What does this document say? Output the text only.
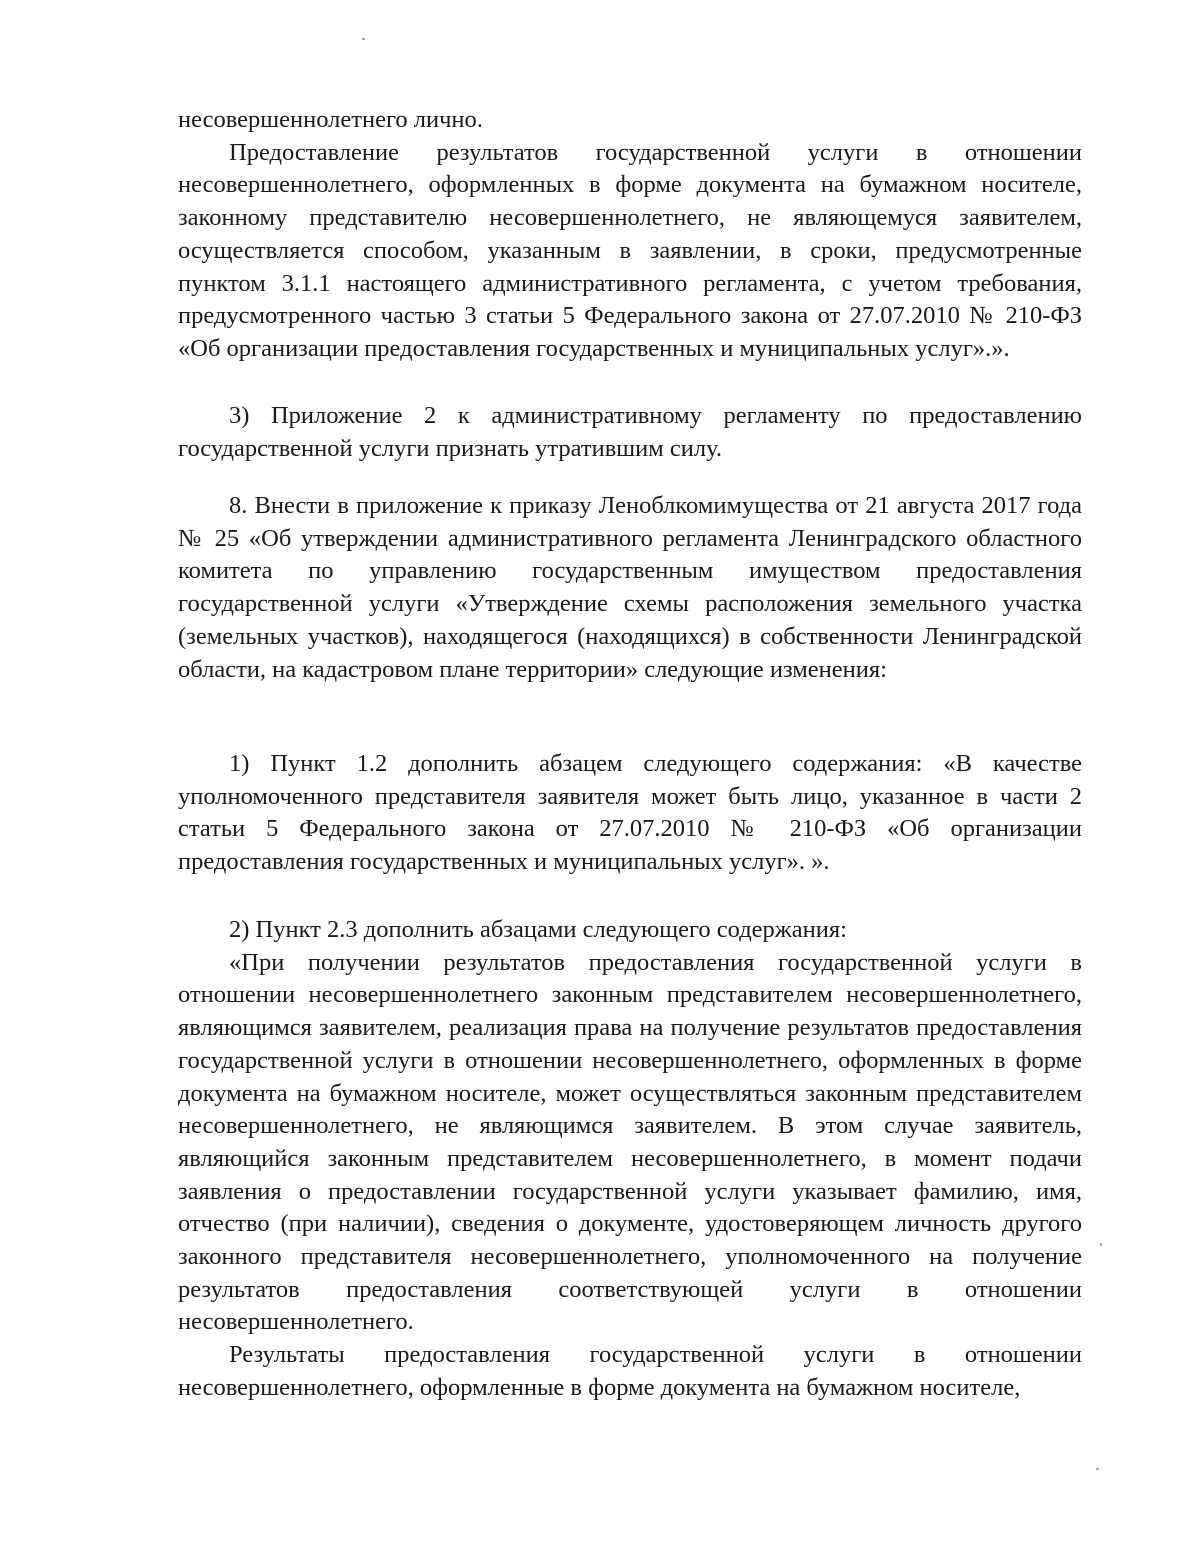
несовершеннолетнего лично.

Предоставление результатов государственной услуги в отношении несовершеннолетнего, оформленных в форме документа на бумажном носителе, законному представителю несовершеннолетнего, не являющемуся заявителем, осуществляется способом, указанным в заявлении, в сроки, предусмотренные пунктом 3.1.1 настоящего административного регламента, с учетом требования, предусмотренного частью 3 статьи 5 Федерального закона от 27.07.2010 № 210-ФЗ «Об организации предоставления государственных и муниципальных услуг».».

3) Приложение 2 к административному регламенту по предоставлению государственной услуги признать утратившим силу.

8. Внести в приложение к приказу Леноблкомимущества от 21 августа 2017 года № 25 «Об утверждении административного регламента Ленинградского областного комитета по управлению государственным имуществом предоставления государственной услуги «Утверждение схемы расположения земельного участка (земельных участков), находящегося (находящихся) в собственности Ленинградской области, на кадастровом плане территории» следующие изменения:

1) Пункт 1.2 дополнить абзацем следующего содержания: «В качестве уполномоченного представителя заявителя может быть лицо, указанное в части 2 статьи 5 Федерального закона от 27.07.2010 № 210-ФЗ «Об организации предоставления государственных и муниципальных услуг». ».

2) Пункт 2.3 дополнить абзацами следующего содержания:

«При получении результатов предоставления государственной услуги в отношении несовершеннолетнего законным представителем несовершеннолетнего, являющимся заявителем, реализация права на получение результатов предоставления государственной услуги в отношении несовершеннолетнего, оформленных в форме документа на бумажном носителе, может осуществляться законным представителем несовершеннолетнего, не являющимся заявителем. В этом случае заявитель, являющийся законным представителем несовершеннолетнего, в момент подачи заявления о предоставлении государственной услуги указывает фамилию, имя, отчество (при наличии), сведения о документе, удостоверяющем личность другого законного представителя несовершеннолетнего, уполномоченного на получение результатов предоставления соответствующей услуги в отношении несовершеннолетнего.

Результаты предоставления государственной услуги в отношении несовершеннолетнего, оформленные в форме документа на бумажном носителе,
